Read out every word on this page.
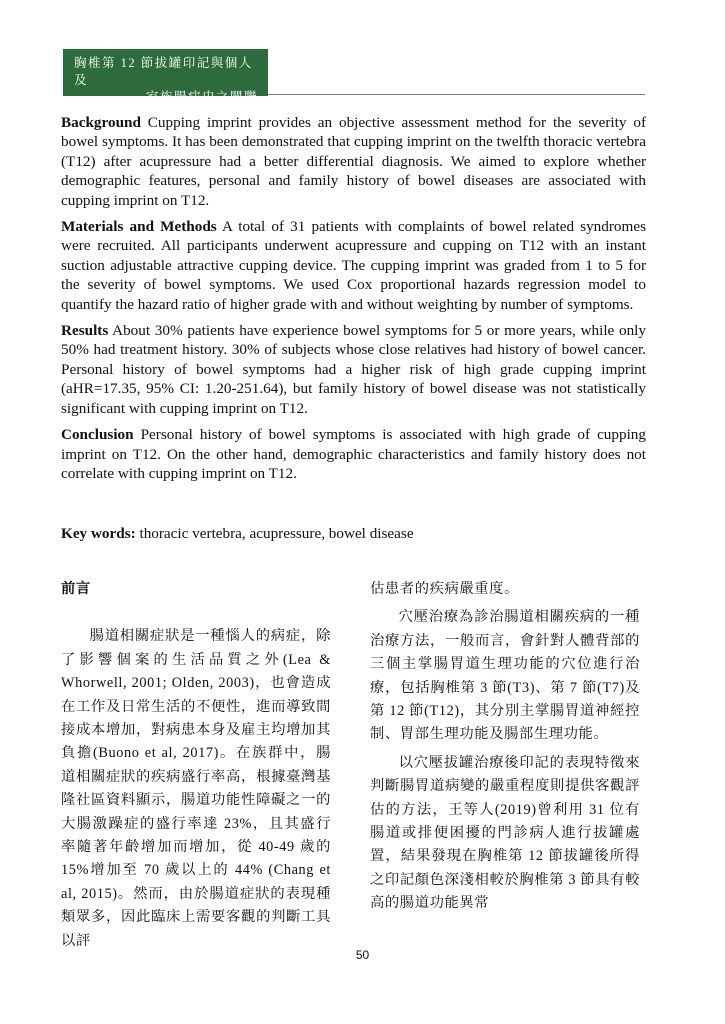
胸椎第 12 節拔罐印記與個人及
家族腸病史之關聯

Background Cupping imprint provides an objective assessment method for the severity of bowel symptoms. It has been demonstrated that cupping imprint on the twelfth thoracic vertebra (T12) after acupressure had a better differential diagnosis. We aimed to explore whether demographic features, personal and family history of bowel diseases are associated with cupping imprint on T12.

Materials and Methods A total of 31 patients with complaints of bowel related syndromes were recruited. All participants underwent acupressure and cupping on T12 with an instant suction adjustable attractive cupping device. The cupping imprint was graded from 1 to 5 for the severity of bowel symptoms. We used Cox proportional hazards regression model to quantify the hazard ratio of higher grade with and without weighting by number of symptoms.

Results About 30% patients have experience bowel symptoms for 5 or more years, while only 50% had treatment history. 30% of subjects whose close relatives had history of bowel cancer. Personal history of bowel symptoms had a higher risk of high grade cupping imprint (aHR=17.35, 95% CI: 1.20-251.64), but family history of bowel disease was not statistically significant with cupping imprint on T12.

Conclusion Personal history of bowel symptoms is associated with high grade of cupping imprint on T12. On the other hand, demographic characteristics and family history does not correlate with cupping imprint on T12.

Key words: thoracic vertebra, acupressure, bowel disease

前言

腸道相關症狀是一種惱人的病症，除了影響個案的生活品質之外(Lea & Whorwell, 2001; Olden, 2003)，也會造成在工作及日常生活的不便性，進而導致間接成本增加，對病患本身及雇主均增加其負擔(Buono et al, 2017)。在族群中，腸道相關症狀的疾病盛行率高，根據臺灣基隆社區資料顯示，腸道功能性障礙之一的大腸激躁症的盛行率達 23%，且其盛行率隨著年齡增加而增加，從 40-49 歲的 15%增加至 70 歲以上的 44% (Chang et al, 2015)。然而，由於腸道症狀的表現種類眾多，因此臨床上需要客觀的判斷工具以評

估患者的疾病嚴重度。

穴壓治療為診治腸道相關疾病的一種治療方法，一般而言，會針對人體背部的三個主掌腸胃道生理功能的穴位進行治療，包括胸椎第 3 節(T3)、第 7 節(T7)及第 12 節(T12)，其分別主掌腸胃道神經控制、胃部生理功能及腸部生理功能。

以穴壓拔罐治療後印記的表現特徵來判斷腸胃道病變的嚴重程度則提供客觀評估的方法，王等人(2019)曾利用 31 位有腸道或排便困擾的門診病人進行拔罐處置，結果發現在胸椎第 12 節拔罐後所得之印記顏色深淺相較於胸椎第 3 節具有較高的腸道功能異常

50
